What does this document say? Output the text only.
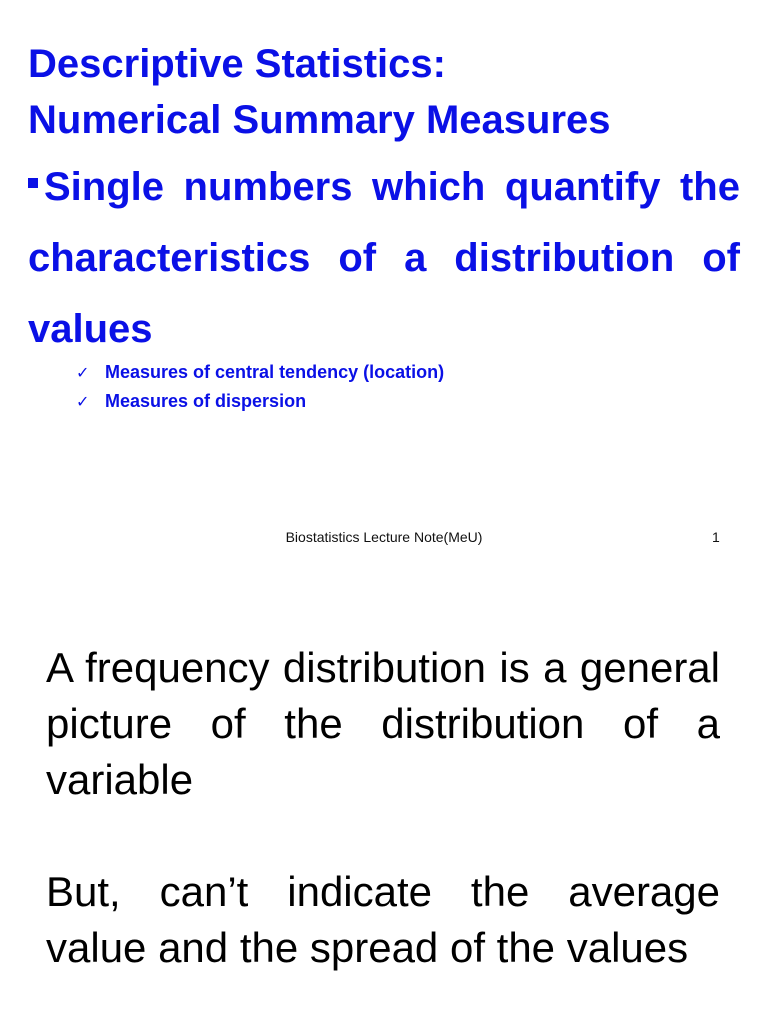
Descriptive Statistics:
Numerical Summary Measures

Single numbers which quantify the characteristics of a distribution of values

✓ Measures of central tendency (location)
✓ Measures of dispersion
Biostatistics Lecture Note(MeU)	1

A frequency distribution is a general picture of the distribution of a variable

But, can’t indicate the average value and the spread of the values
